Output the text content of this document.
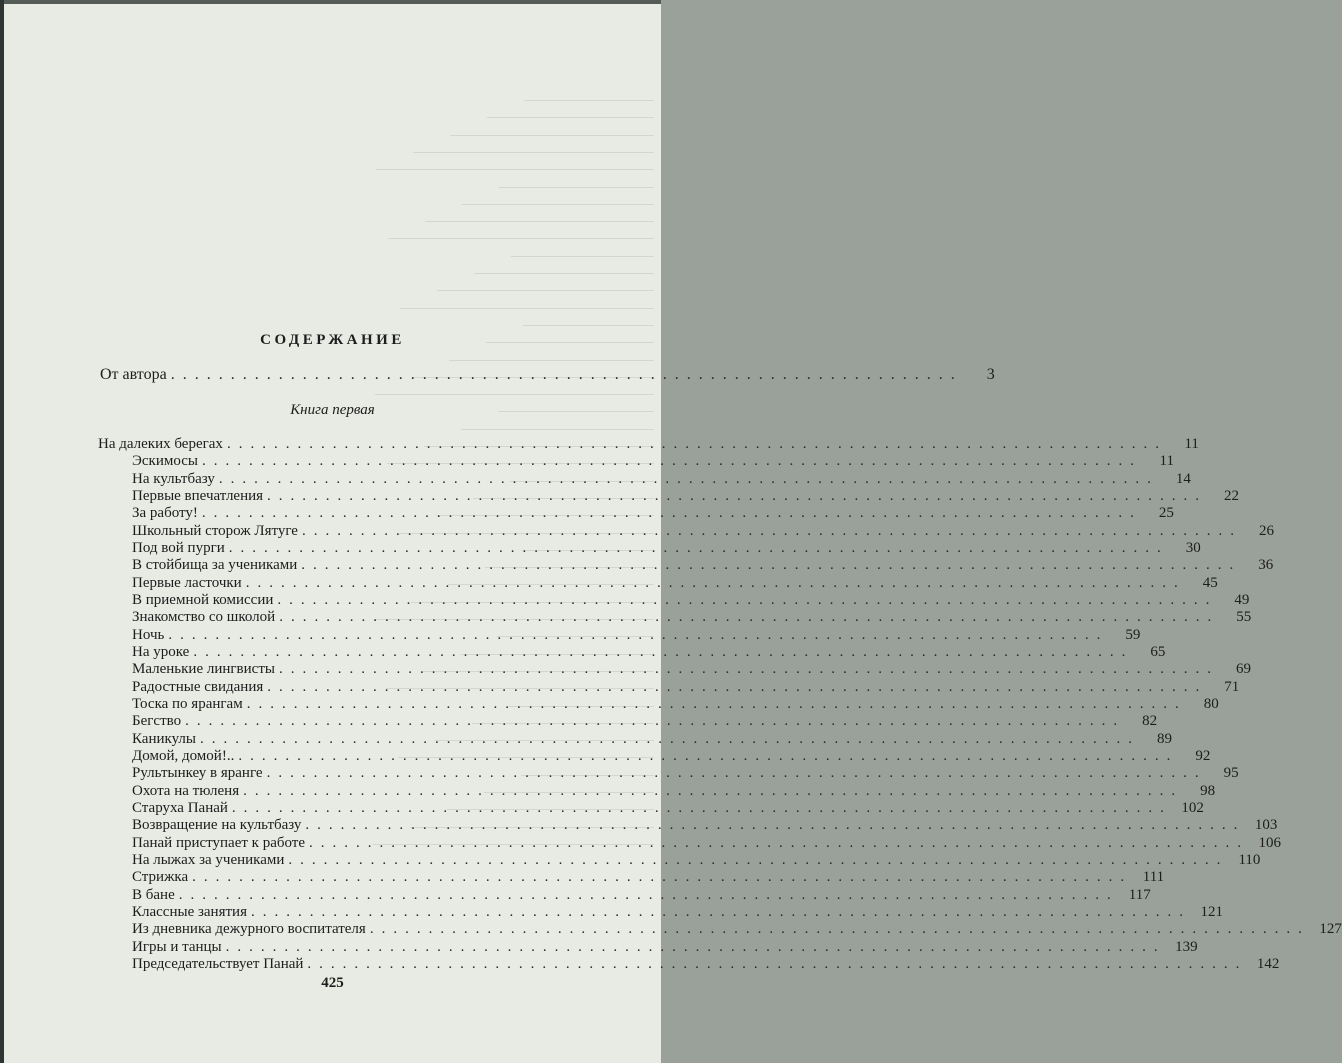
СОДЕРЖАНИЕ
От автора ..................................................................	3
Книга первая
На далеких берегах ................................................................................	11
Эскимосы ................................................................................	11
На культбазу ................................................................................	14
Первые впечатления ................................................................................	22
За работу! ................................................................................	25
Школьный сторож Лятуге ................................................................................	26
Под вой пурги ................................................................................	30
В стойбища за учениками ................................................................................	36
Первые ласточки ................................................................................	45
В приемной комиссии ................................................................................	49
Знакомство со школой ................................................................................	55
Ночь ................................................................................	59
На уроке ................................................................................	65
Маленькие лингвисты ................................................................................	69
Радостные свидания ................................................................................	71
Тоска по ярангам ................................................................................	80
Бегство ................................................................................	82
Каникулы ................................................................................	89
Домой, домой!.. ................................................................................	92
Рультынкеу в яранге ................................................................................	95
Охота на тюленя ................................................................................	98
Старуха Панай ................................................................................ 102
Возвращение на культбазу ................................................................................ 103
Панай приступает к работе ................................................................................ 106
На лыжах за учениками ................................................................................ 110
Стрижка ................................................................................ 111
В бане ................................................................................ 117
Классные занятия ................................................................................ 121
Из дневника дежурного воспитателя ................................................................................ 127
Игры и танцы ................................................................................ 139
Председательствует Панай ................................................................................ 142
425
